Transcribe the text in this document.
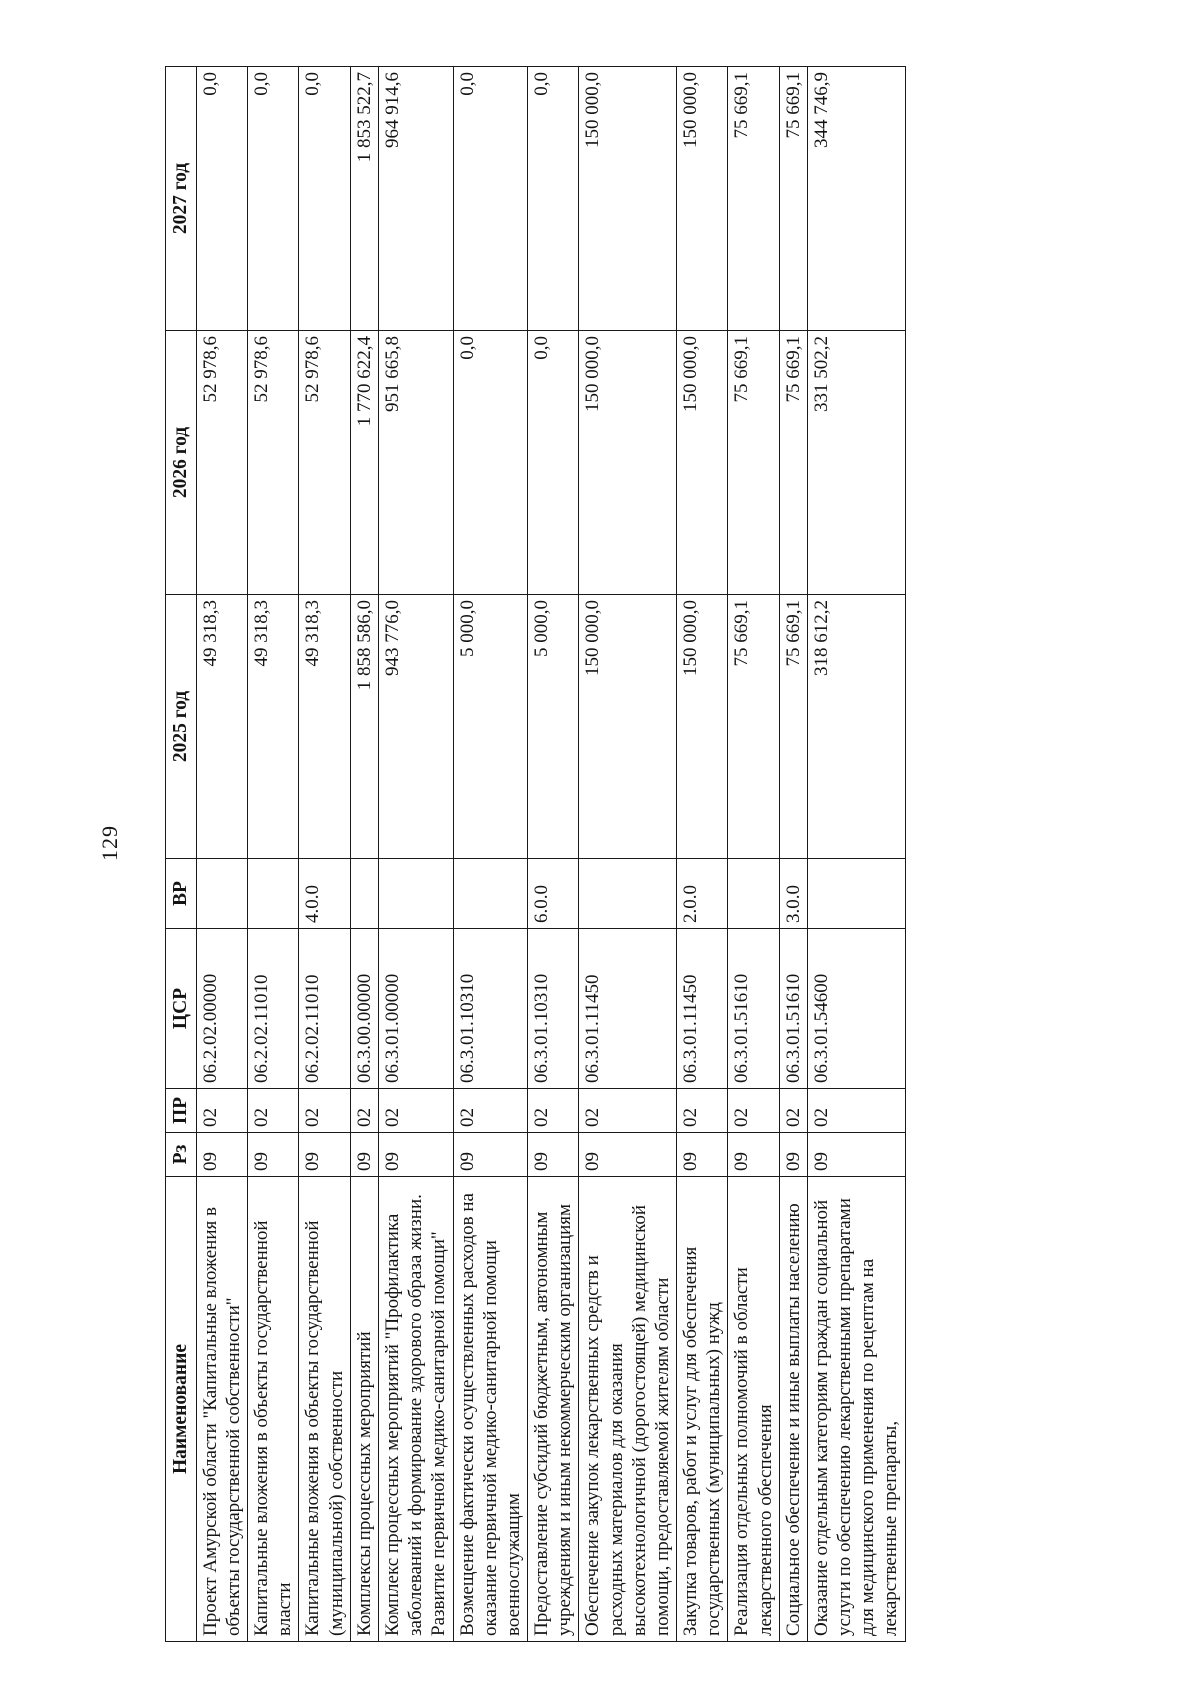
129
Наименование	Рз	ПР	ЦСР	ВР	2025 год	2026 год	2027 год
Проект Амурской области "Капитальные вложения в объекты государственной собственности"	09	02	06.2.02.00000		49 318,3	52 978,6	0,0
Капитальные вложения в объекты государственной власти	09	02	06.2.02.11010		49 318,3	52 978,6	0,0
Капитальные вложения в объекты государственной (муниципальной) собственности	09	02	06.2.02.11010	4.0.0	49 318,3	52 978,6	0,0
Комплексы процессных мероприятий	09	02	06.3.00.00000		1 858 586,0	1 770 622,4	1 853 522,7
Комплекс процессных мероприятий "Профилактика заболеваний и формирование здорового образа жизни. Развитие первичной медико-санитарной помощи"	09	02	06.3.01.00000		943 776,0	951 665,8	964 914,6
Возмещение фактически осуществленных расходов на оказание первичной медико-санитарной помощи военнослужащим	09	02	06.3.01.10310		5 000,0	0,0	0,0
Предоставление субсидий бюджетным, автономным учреждениям и иным некоммерческим организациям	09	02	06.3.01.10310	6.0.0	5 000,0	0,0	0,0
Обеспечение закупок лекарственных средств и расходных материалов для оказания высокотехнологичной (дорогостоящей) медицинской помощи, предоставляемой жителям области	09	02	06.3.01.11450		150 000,0	150 000,0	150 000,0
Закупка товаров, работ и услуг для обеспечения государственных (муниципальных) нужд	09	02	06.3.01.11450	2.0.0	150 000,0	150 000,0	150 000,0
Реализация отдельных полномочий в области лекарственного обеспечения	09	02	06.3.01.51610		75 669,1	75 669,1	75 669,1
Социальное обеспечение и иные выплаты населению	09	02	06.3.01.51610	3.0.0	75 669,1	75 669,1	75 669,1
Оказание отдельным категориям граждан социальной услуги по обеспечению лекарственными препаратами для медицинского применения по рецептам на лекарственные препараты,	09	02	06.3.01.54600		318 612,2	331 502,2	344 746,9
